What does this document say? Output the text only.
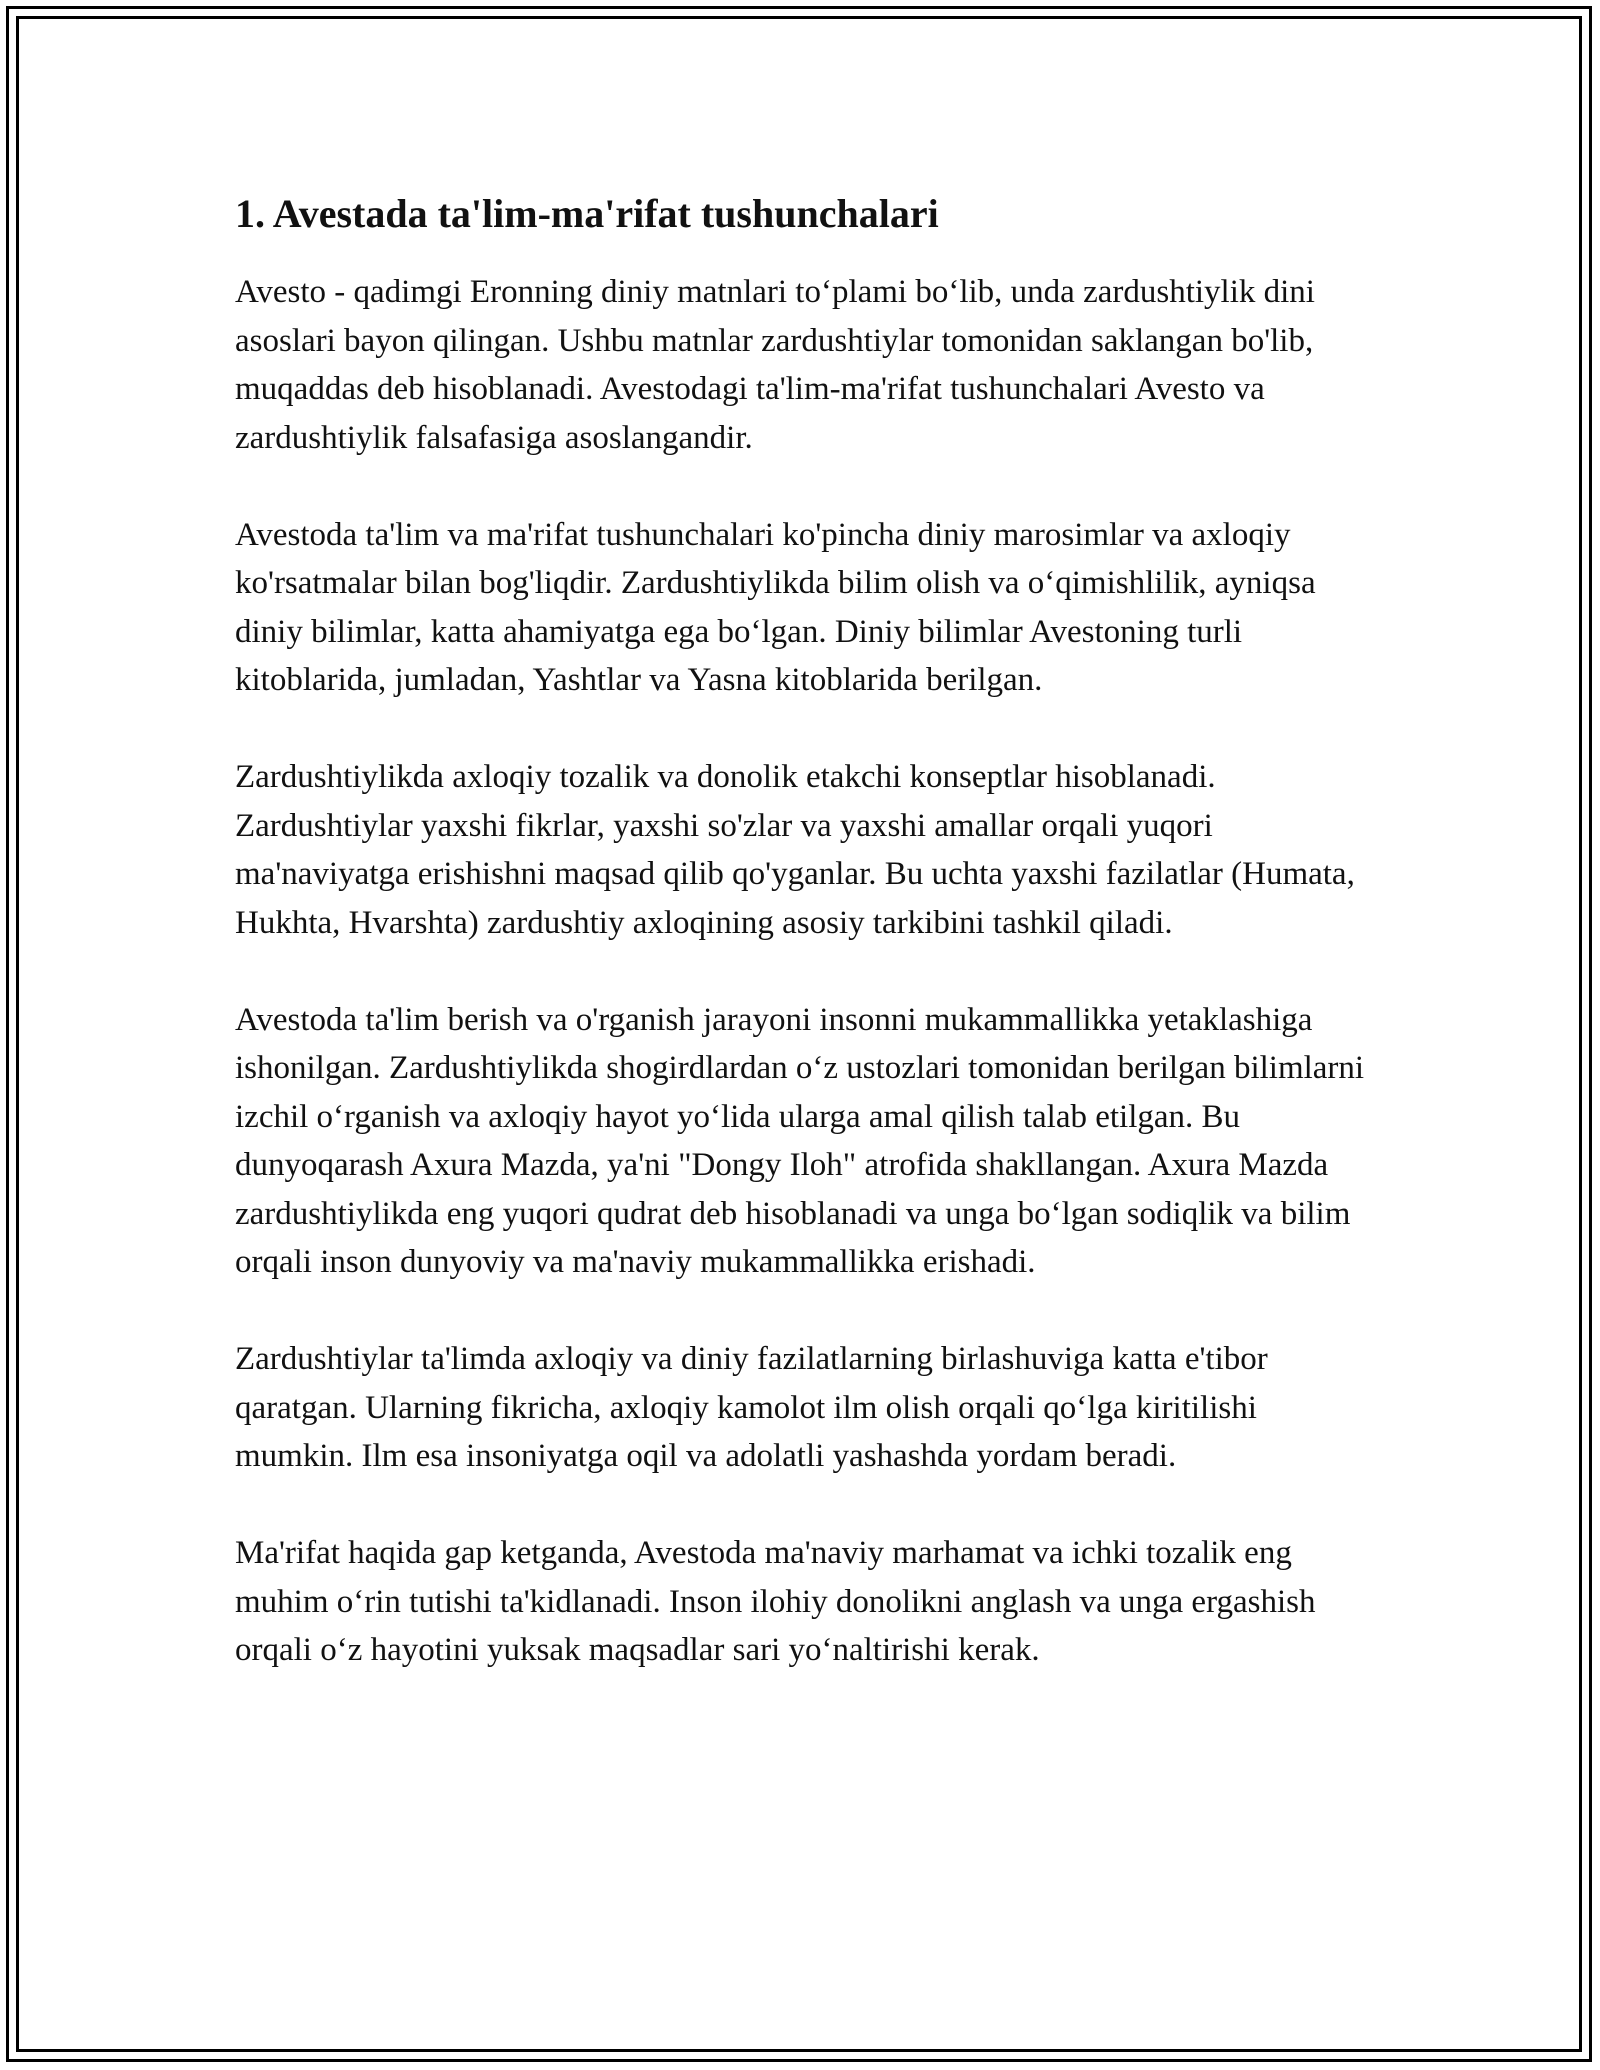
1. Avestada ta'lim-ma'rifat tushunchalari

Avesto - qadimgi Eronning diniy matnlari to‘plami bo‘lib, unda zardushtiylik dini asoslari bayon qilingan. Ushbu matnlar zardushtiylar tomonidan saklangan bo'lib, muqaddas deb hisoblanadi. Avestodagi ta'lim-ma'rifat tushunchalari Avesto va zardushtiylik falsafasiga asoslangandir.

Avestoda ta'lim va ma'rifat tushunchalari ko'pincha diniy marosimlar va axloqiy ko'rsatmalar bilan bog'liqdir. Zardushtiylikda bilim olish va o‘qimishlilik, ayniqsa diniy bilimlar, katta ahamiyatga ega bo‘lgan. Diniy bilimlar Avestoning turli kitoblarida, jumladan, Yashtlar va Yasna kitoblarida berilgan.

Zardushtiylikda axloqiy tozalik va donolik etakchi konseptlar hisoblanadi. Zardushtiylar yaxshi fikrlar, yaxshi so'zlar va yaxshi amallar orqali yuqori ma'naviyatga erishishni maqsad qilib qo'yganlar. Bu uchta yaxshi fazilatlar (Humata, Hukhta, Hvarshta) zardushtiy axloqining asosiy tarkibini tashkil qiladi.

Avestoda ta'lim berish va o'rganish jarayoni insonni mukammallikka yetaklashiga ishonilgan. Zardushtiylikda shogirdlardan o‘z ustozlari tomonidan berilgan bilimlarni izchil o‘rganish va axloqiy hayot yo‘lida ularga amal qilish talab etilgan. Bu dunyoqarash Axura Mazda, ya'ni "Dongy Iloh" atrofida shakllangan. Axura Mazda zardushtiylikda eng yuqori qudrat deb hisoblanadi va unga bo‘lgan sodiqlik va bilim orqali inson dunyoviy va ma'naviy mukammallikka erishadi.

Zardushtiylar ta'limda axloqiy va diniy fazilatlarning birlashuviga katta e'tibor qaratgan. Ularning fikricha, axloqiy kamolot ilm olish orqali qo‘lga kiritilishi mumkin. Ilm esa insoniyatga oqil va adolatli yashashda yordam beradi.

Ma'rifat haqida gap ketganda, Avestoda ma'naviy marhamat va ichki tozalik eng muhim o‘rin tutishi ta'kidlanadi. Inson ilohiy donolikni anglash va unga ergashish orqali o‘z hayotini yuksak maqsadlar sari yo‘naltirishi kerak.
